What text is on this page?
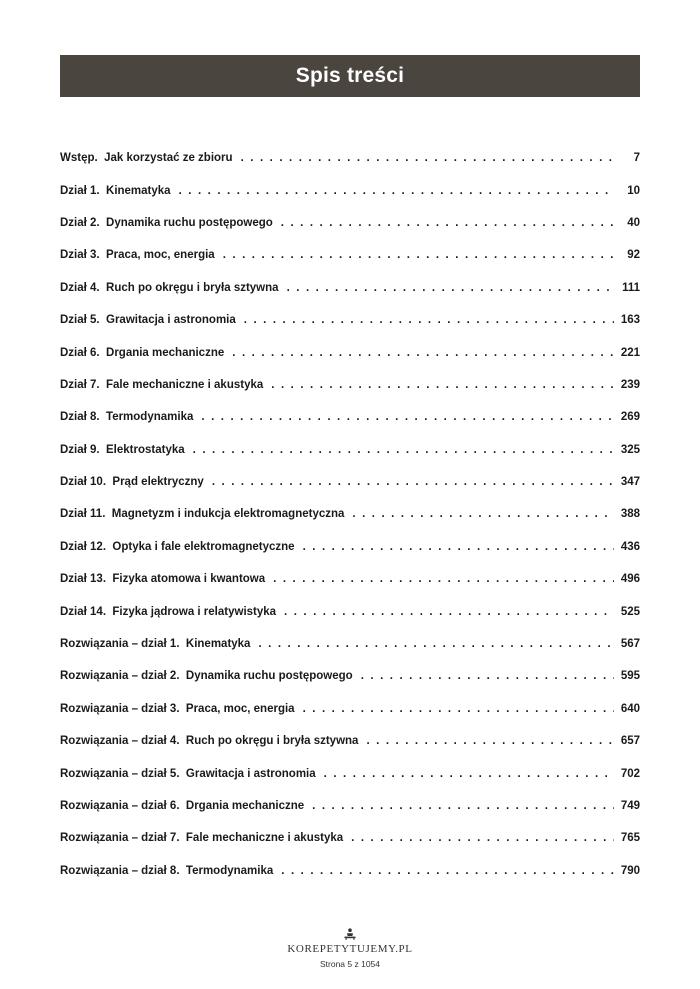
Spis treści
Wstęp.  Jak korzystać ze zbioru . . .	7
Dział 1.  Kinematyka . . .	10
Dział 2.  Dynamika ruchu postępowego . . .	40
Dział 3.  Praca, moc, energia . . .	92
Dział 4.  Ruch po okręgu i bryła sztywna . . .	111
Dział 5.  Grawitacja i astronomia . . .	163
Dział 6.  Drgania mechaniczne . . .	221
Dział 7.  Fale mechaniczne i akustyka . . .	239
Dział 8.  Termodynamika . . .	269
Dział 9.  Elektrostatyka . . .	325
Dział 10.  Prąd elektryczny . . .	347
Dział 11.  Magnetyzm i indukcja elektromagnetyczna . . .	388
Dział 12.  Optyka i fale elektromagnetyczne . . .	436
Dział 13.  Fizyka atomowa i kwantowa . . .	496
Dział 14.  Fizyka jądrowa i relatywistyka . . .	525
Rozwiązania – dział 1.  Kinematyka . . .	567
Rozwiązania – dział 2.  Dynamika ruchu postępowego . . .	595
Rozwiązania – dział 3.  Praca, moc, energia . . .	640
Rozwiązania – dział 4.  Ruch po okręgu i bryła sztywna . . .	657
Rozwiązania – dział 5.  Grawitacja i astronomia . . .	702
Rozwiązania – dział 6.  Drgania mechaniczne . . .	749
Rozwiązania – dział 7.  Fale mechaniczne i akustyka . . .	765
Rozwiązania – dział 8.  Termodynamika . . .	790
KOREPETYTUJEMY.PL
Strona 5 z 1054
